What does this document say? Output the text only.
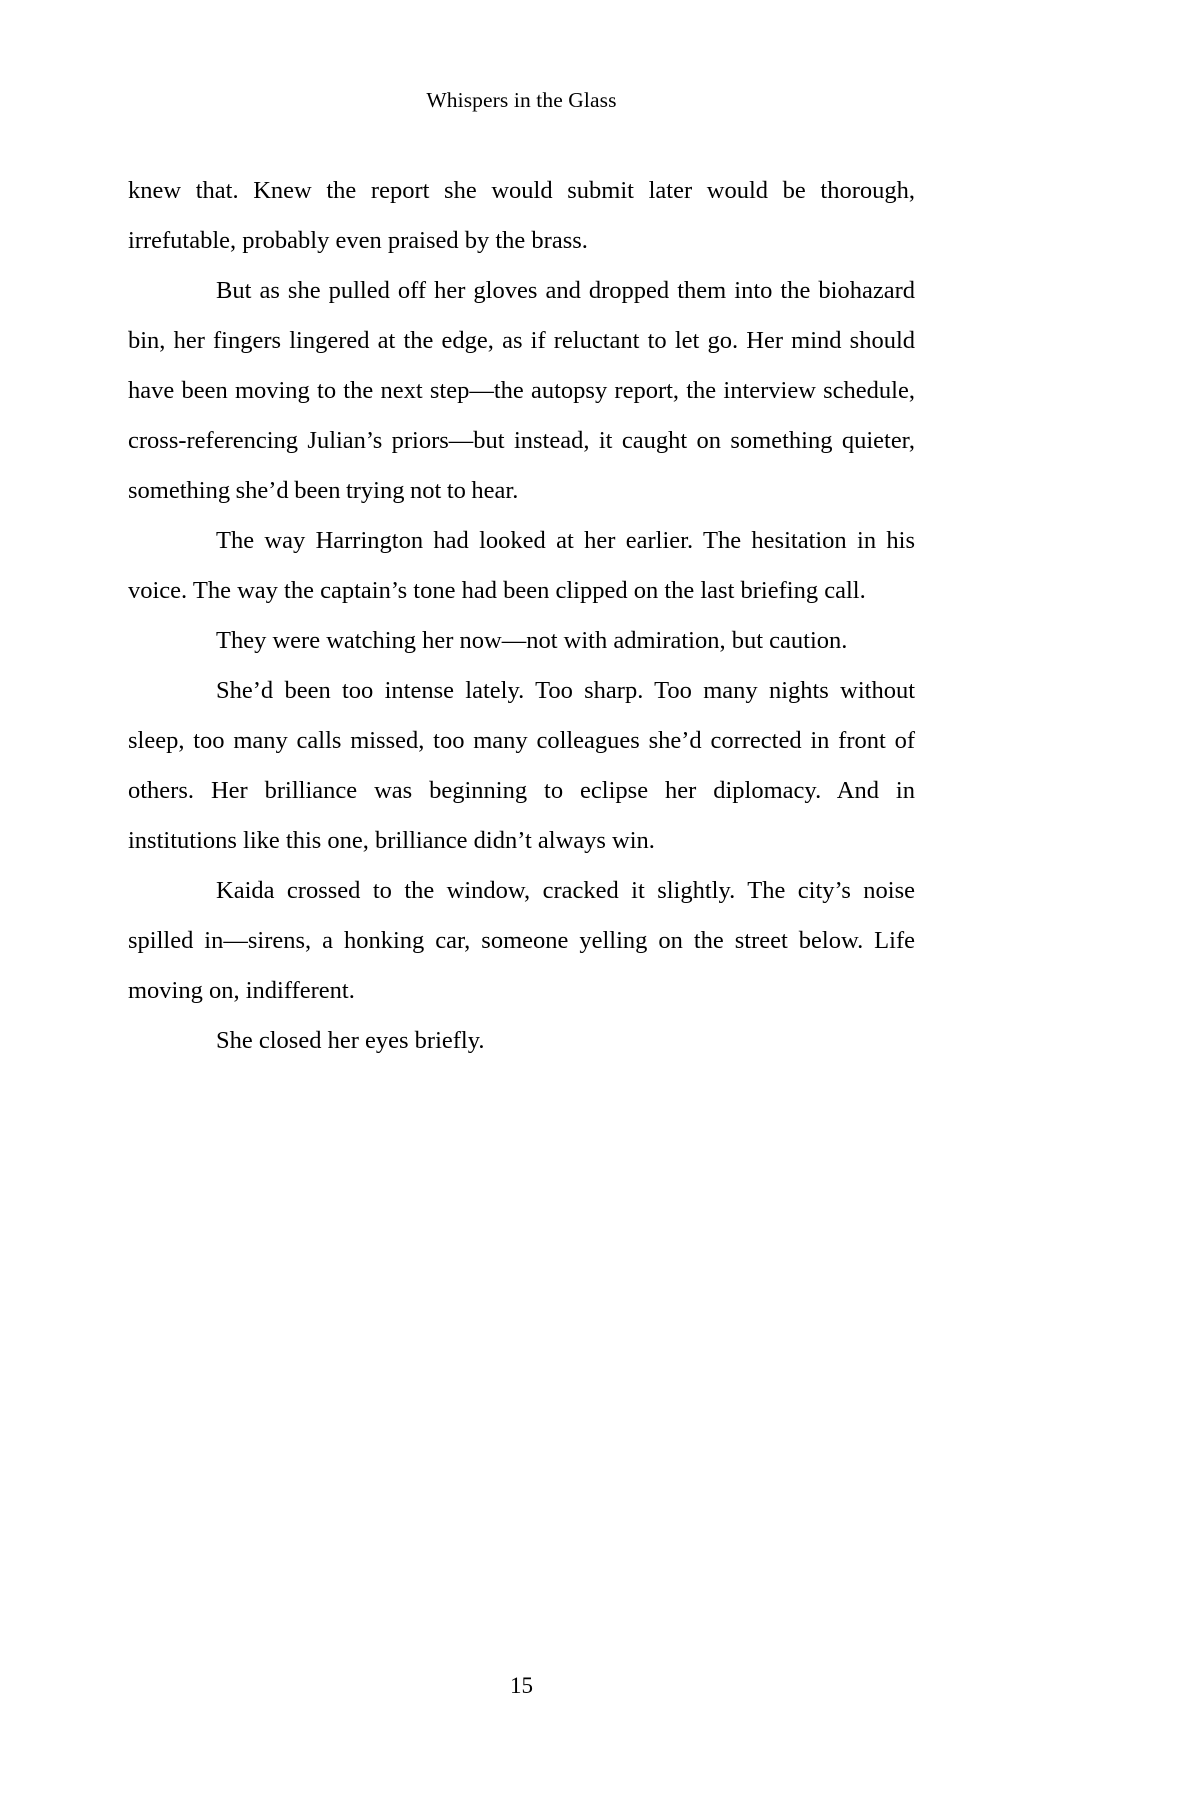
Whispers in the Glass

knew that. Knew the report she would submit later would be thorough, irrefutable, probably even praised by the brass.

But as she pulled off her gloves and dropped them into the biohazard bin, her fingers lingered at the edge, as if reluctant to let go. Her mind should have been moving to the next step—the autopsy report, the interview schedule, cross-referencing Julian’s priors—but instead, it caught on something quieter, something she’d been trying not to hear.

The way Harrington had looked at her earlier. The hesitation in his voice. The way the captain’s tone had been clipped on the last briefing call.

They were watching her now—not with admiration, but caution.

She’d been too intense lately. Too sharp. Too many nights without sleep, too many calls missed, too many colleagues she’d corrected in front of others. Her brilliance was beginning to eclipse her diplomacy. And in institutions like this one, brilliance didn’t always win.

Kaida crossed to the window, cracked it slightly. The city’s noise spilled in—sirens, a honking car, someone yelling on the street below. Life moving on, indifferent.

She closed her eyes briefly.

15
